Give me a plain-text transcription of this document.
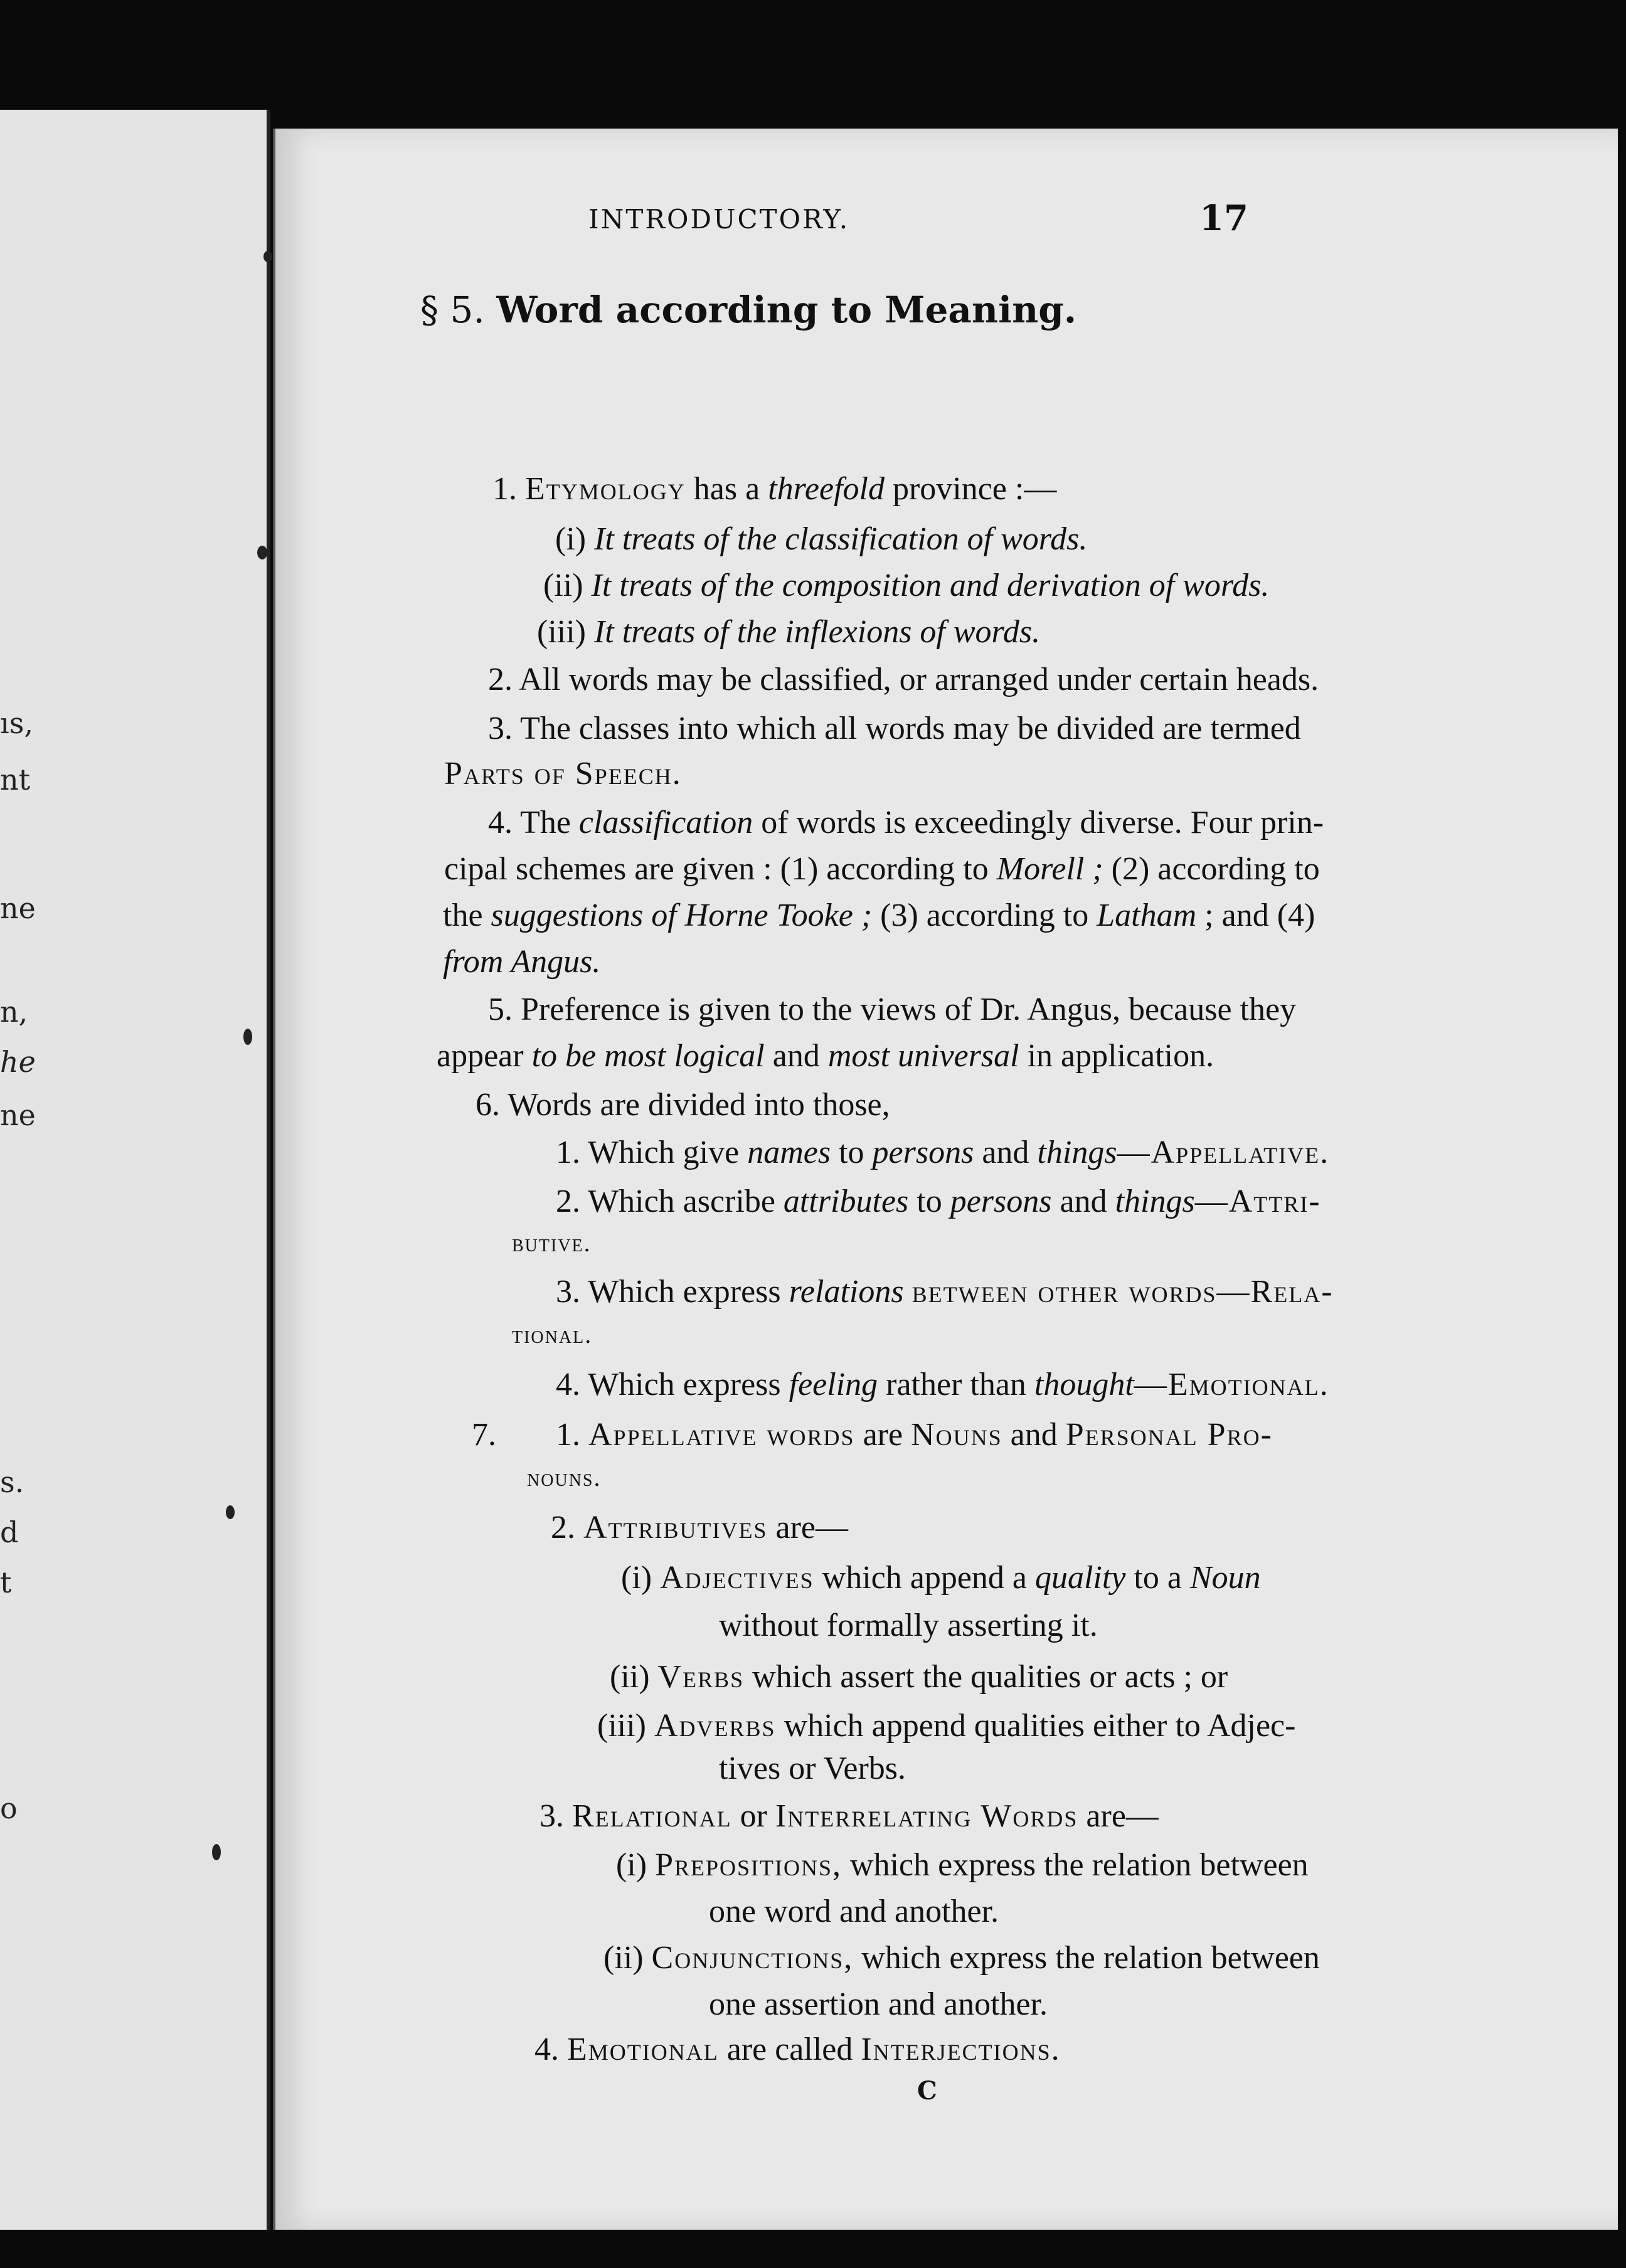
ıs,
nt
ne
n,
he
ne
s.
d
t
o
INTRODUCTORY.	17
§ 5. Word according to Meaning.
1. Etymology has a threefold province :—
(i) It treats of the classification of words.
(ii) It treats of the composition and derivation of words.
(iii) It treats of the inflexions of words.
2. All words may be classified, or arranged under certain heads.
3. The classes into which all words may be divided are termed
Parts of Speech.
4. The classification of words is exceedingly diverse. Four prin-
cipal schemes are given : (1) according to Morell ; (2) according to
the suggestions of Horne Tooke ; (3) according to Latham ; and (4)
from Angus.
5. Preference is given to the views of Dr. Angus, because they
appear to be most logical and most universal in application.
6. Words are divided into those,
1. Which give names to persons and things—Appellative.
2. Which ascribe attributes to persons and things—Attri-
butive.
3. Which express relations between other words—Rela-
tional.
4. Which express feeling rather than thought—Emotional.
7. 1. Appellative words are Nouns and Personal Pro-
nouns.
2. Attributives are—
(i) Adjectives which append a quality to a Noun
without formally asserting it.
(ii) Verbs which assert the qualities or acts ; or
(iii) Adverbs which append qualities either to Adjec-
tives or Verbs.
3. Relational or Interrelating Words are—
(i) Prepositions, which express the relation between
one word and another.
(ii) Conjunctions, which express the relation between
one assertion and another.
4. Emotional are called Interjections.
C
